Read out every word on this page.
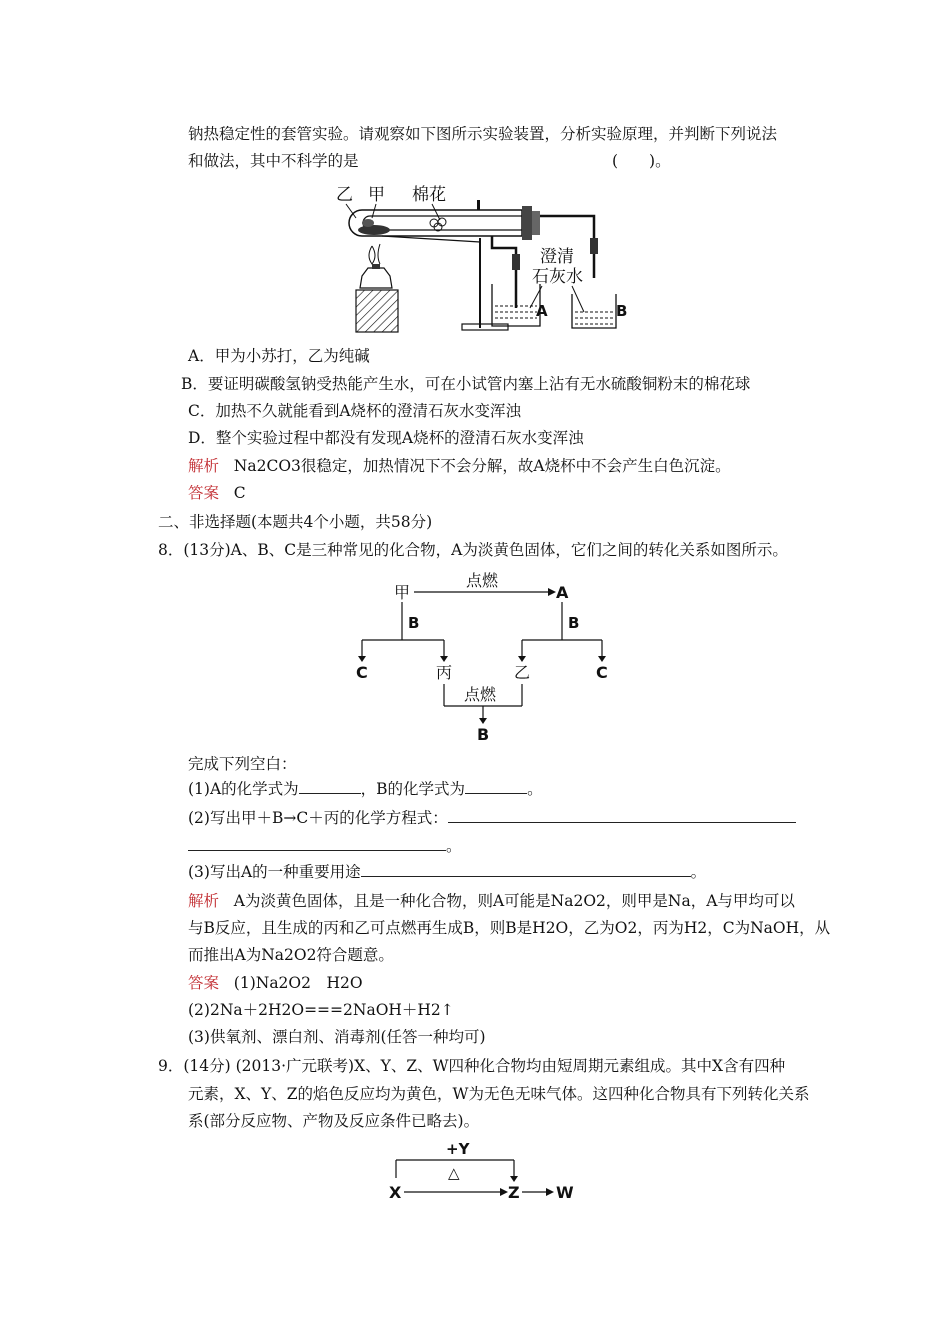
钠热稳定性的套管实验。请观察如下图所示实验装置，分析实验原理，并判断下列说法
和做法，其中不科学的是	(　　)。
乙 甲 棉花
A	B
澄清
石灰水
A．甲为小苏打，乙为纯碱
B．要证明碳酸氢钠受热能产生水，可在小试管内塞上沾有无水硫酸铜粉末的棉花球
C．加热不久就能看到A烧杯的澄清石灰水变浑浊
D．整个实验过程中都没有发现A烧杯的澄清石灰水变浑浊
解析 Na2CO3很稳定，加热情况下不会分解，故A烧杯中不会产生白色沉淀。
答案 C
二、非选择题(本题共4个小题，共58分)
8．(13分)A、B、C是三种常见的化合物，A为淡黄色固体，它们之间的转化关系如图所示。
甲	A
点燃
B
C	丙
B
乙	C
点燃
B
完成下列空白：
(1)A的化学式为	，B的化学式为	。
(2)写出甲＋B→C＋丙的化学方程式：
。
(3)写出A的一种重要用途	。
解析 A为淡黄色固体，且是一种化合物，则A可能是Na2O2，则甲是Na，A与甲均可以
与B反应，且生成的丙和乙可点燃再生成B，则B是H2O，乙为O2，丙为H2，C为NaOH，从
而推出A为Na2O2符合题意。
答案 (1)Na2O2　H2O
(2)2Na＋2H2O===2NaOH＋H2↑
(3)供氧剂、漂白剂、消毒剂(任答一种均可)
9．(14分) (2013·广元联考)X、Y、Z、W四种化合物均由短周期元素组成。其中X含有四种
元素，X、Y、Z的焰色反应均为黄色，W为无色无味气体。这四种化合物具有下列转化关系
系(部分反应物、产物及反应条件已略去)。
+Y
△
X	Z W
